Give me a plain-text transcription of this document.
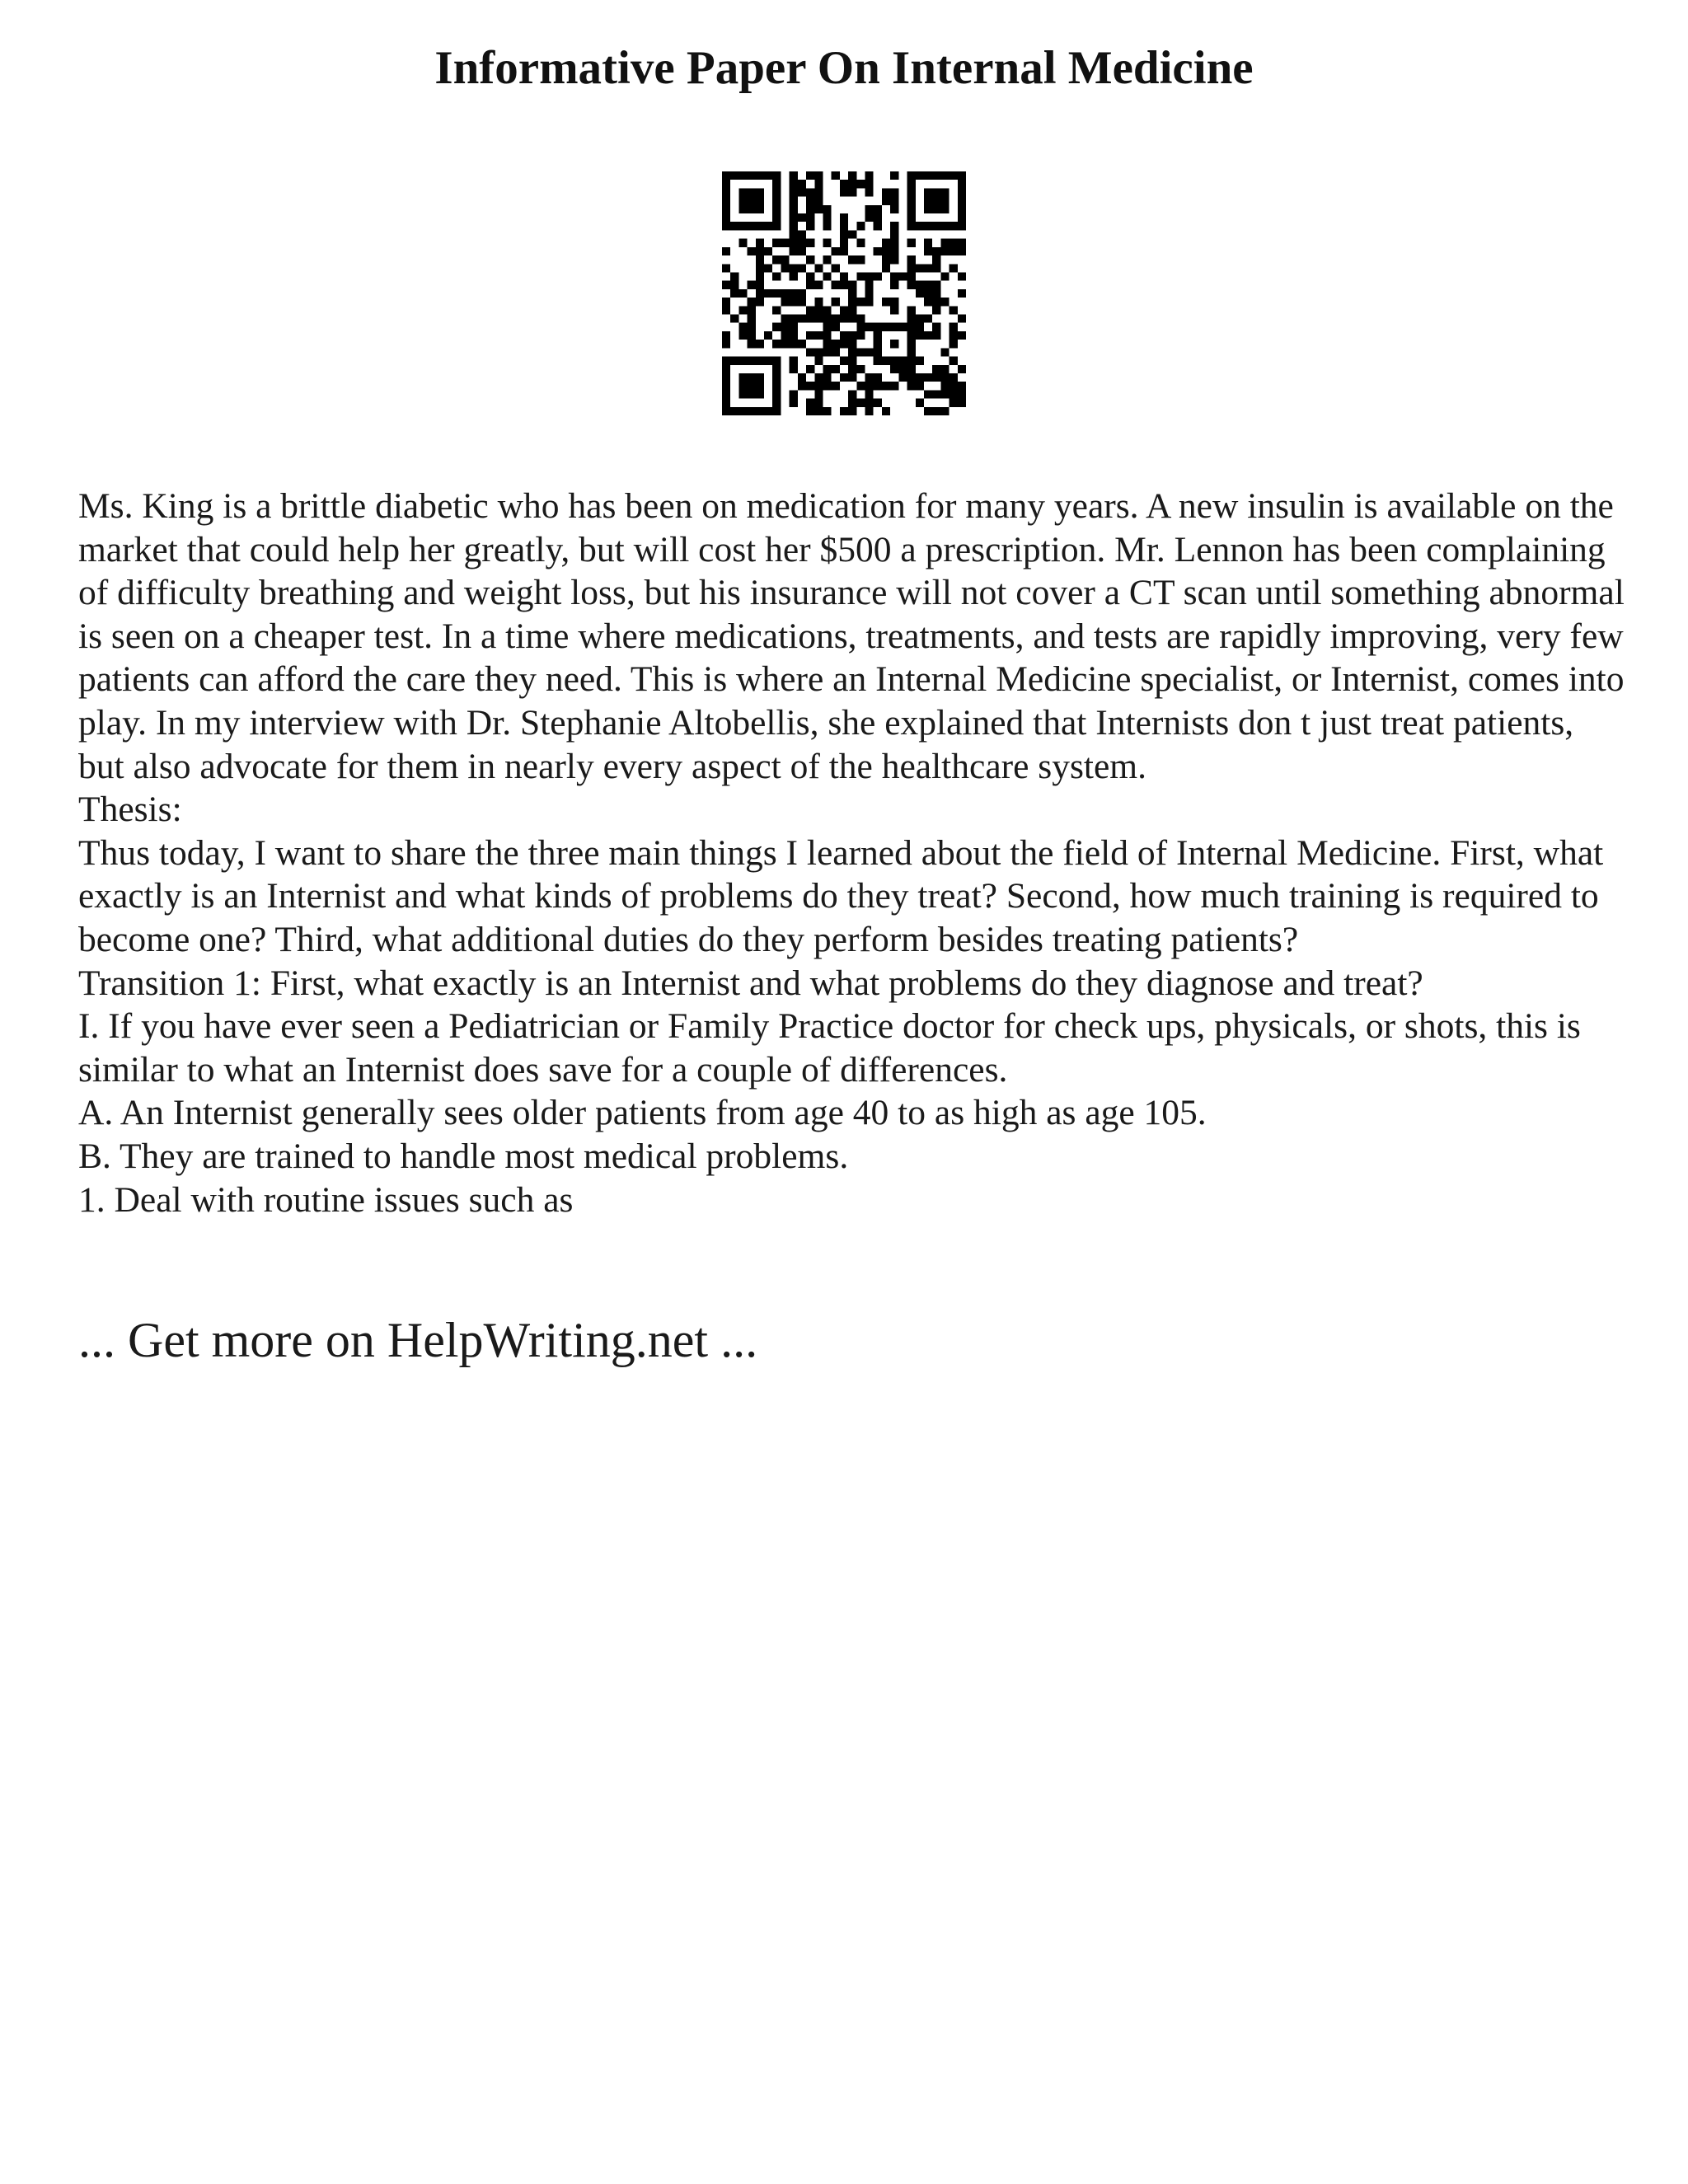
Informative Paper On Internal Medicine

Ms. King is a brittle diabetic who has been on medication for many years. A new insulin is available on the market that could help her greatly, but will cost her $500 a prescription. Mr. Lennon has been complaining of difficulty breathing and weight loss, but his insurance will not cover a CT scan until something abnormal is seen on a cheaper test. In a time where medications, treatments, and tests are rapidly improving, very few patients can afford the care they need. This is where an Internal Medicine specialist, or Internist, comes into play. In my interview with Dr. Stephanie Altobellis, she explained that Internists don t just treat patients, but also advocate for them in nearly every aspect of the healthcare system.

Thesis:

Thus today, I want to share the three main things I learned about the field of Internal Medicine. First, what exactly is an Internist and what kinds of problems do they treat? Second, how much training is required to become one? Third, what additional duties do they perform besides treating patients?

Transition 1: First, what exactly is an Internist and what problems do they diagnose and treat?

I. If you have ever seen a Pediatrician or Family Practice doctor for check ups, physicals, or shots, this is similar to what an Internist does save for a couple of differences.

A. An Internist generally sees older patients from age 40 to as high as age 105.

B. They are trained to handle most medical problems.

1. Deal with routine issues such as

... Get more on HelpWriting.net ...
